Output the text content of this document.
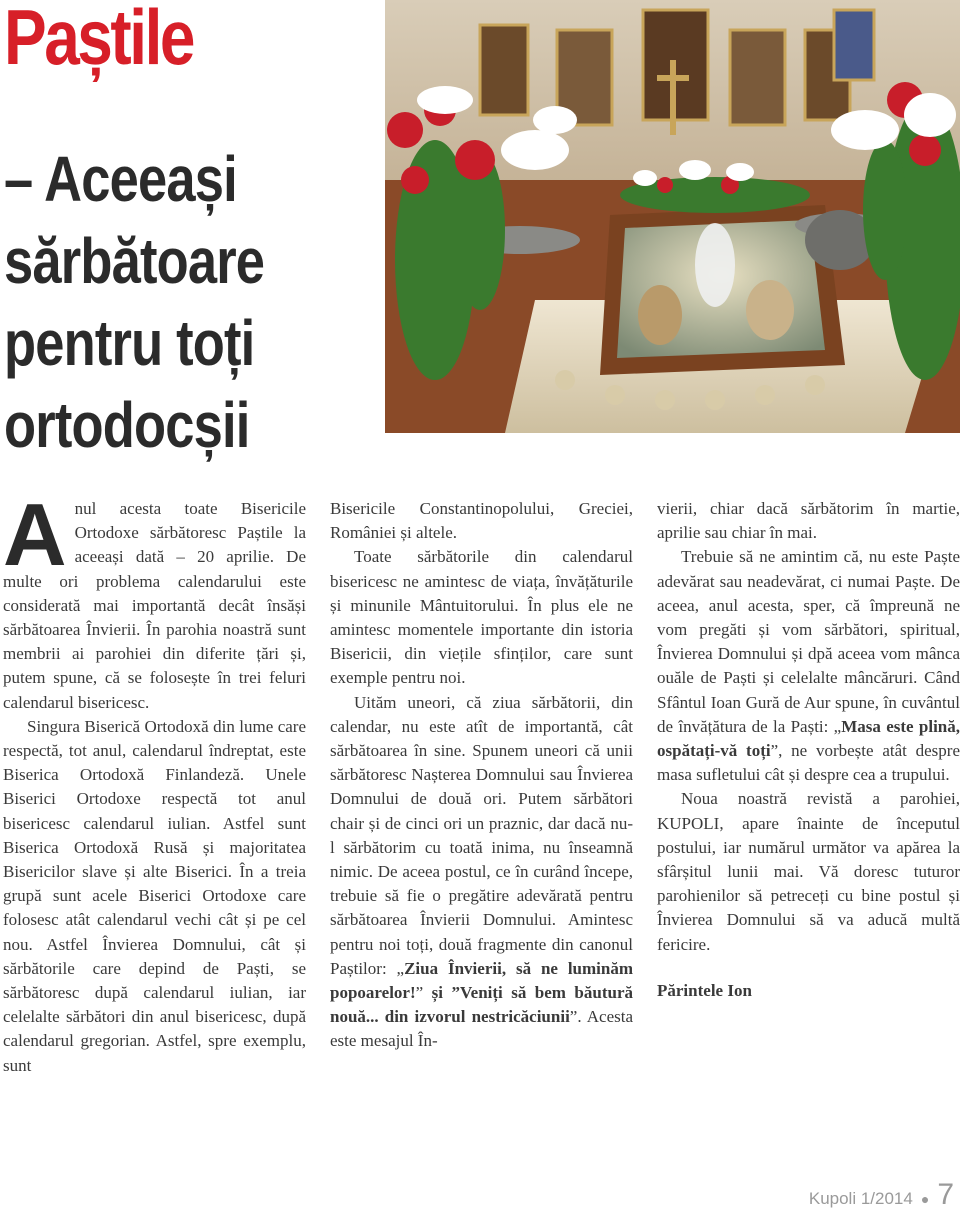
Paștile
– Aceeași
sărbătoare
pentru toți
ortodocșii

Anul acesta toate Bisericile Ortodoxe sărbătoresc Paștile la aceeași dată – 20 aprilie. De multe ori problema calendarului este considerată mai importantă decât însăși sărbătoarea Învierii. În parohia noastră sunt membrii ai parohiei din diferite țări și, putem spune, că se folosește în trei feluri calendarul bisericesc.

Singura Biserică Ortodoxă din lume care respectă, tot anul, calendarul îndreptat, este Biserica Ortodoxă Finlandeză. Unele Biserici Ortodoxe respectă tot anul bisericesc calendarul iulian. Astfel sunt Biserica Ortodoxă Rusă și majoritatea Bisericilor slave și alte Biserici. În a treia grupă sunt acele Biserici Ortodoxe care folosesc atât calendarul vechi cât și pe cel nou. Astfel Învierea Domnului, cât și sărbătorile care depind de Paști, se sărbătoresc după calendarul iulian, iar celelalte sărbători din anul bisericesc, după calendarul gregorian. Astfel, spre exemplu, sunt

Bisericile Constantinopolului, Greciei, României și altele.

Toate sărbătorile din calendarul bisericesc ne amintesc de viața, învățăturile și minunile Mântuitorului. În plus ele ne amintesc momentele importante din istoria Bisericii, din viețile sfinților, care sunt exemple pentru noi.

Uităm uneori, că ziua sărbătorii, din calendar, nu este atît de importantă, cât sărbătoarea în sine. Spunem uneori că unii sărbătoresc Nașterea Domnului sau Învierea Domnului de două ori. Putem sărbători chair și de cinci ori un praznic, dar dacă nu-l sărbătorim cu toată inima, nu înseamnă nimic. De aceea postul, ce în curând începe, trebuie să fie o pregătire adevărată pentru sărbătoarea Învierii Domnului. Amintesc pentru noi toți, două fragmente din canonul Paștilor: „Ziua Învierii, să ne luminăm popoarelor!” și ”Veniți să bem băutură nouă... din izvorul nestricăciunii”. Acesta este mesajul În-

vierii, chiar dacă sărbătorim în martie, aprilie sau chiar în mai.

Trebuie să ne amintim că, nu este Paște adevărat sau neadevărat, ci numai Paște. De aceea, anul acesta, sper, că împreună ne vom pregăti și vom sărbători, spiritual, Învierea Domnului și dpă aceea vom mânca ouăle de Paști și celelalte mâncăruri. Când Sfântul Ioan Gură de Aur spune, în cuvântul de învățătura de la Paști: „Masa este plină, ospătați-vă toți”, ne vorbește atât despre masa sufletului cât și despre cea a trupului.

Noua noastră revistă a parohiei, KUPOLI, apare înainte de începutul postului, iar numărul următor va apărea la sfârșitul lunii mai. Vă doresc tuturor parohienilor să petreceți cu bine postul și Învierea Domnului să va aducă multă fericire.

Părintele Ion

Kupoli 1/2014 ● 7
